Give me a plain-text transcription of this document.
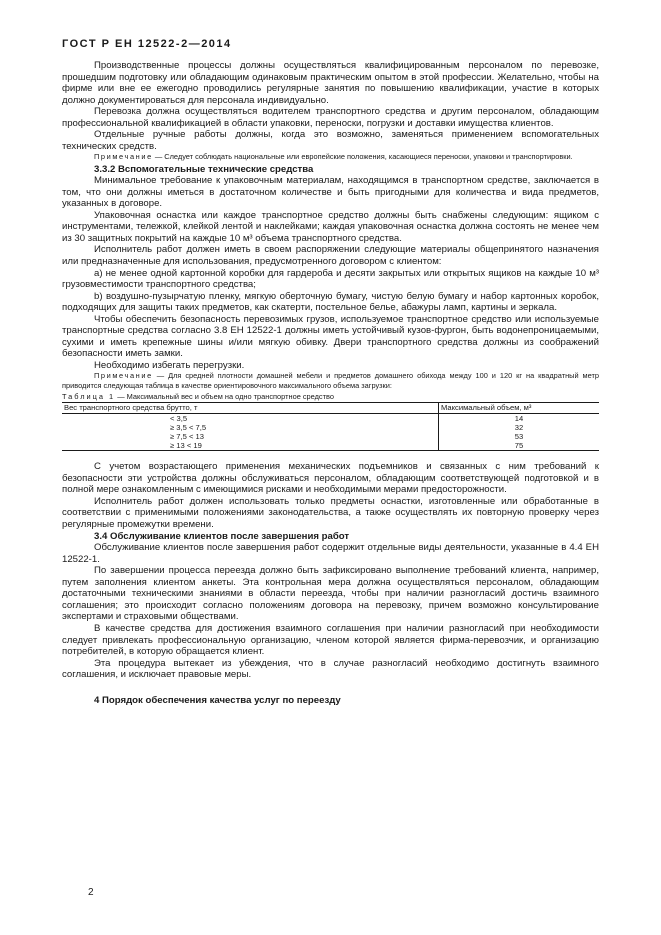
ГОСТ Р ЕН 12522-2—2014

Производственные процессы должны осуществляться квалифицированным персоналом по перевозке, прошедшим подготовку или обладающим одинаковым практическим опытом в этой профессии. Желательно, чтобы на фирме или вне ее ежегодно проводились регулярные занятия по повышению квалификации, участие в которых должно документироваться для персонала индивидуально.

Перевозка должна осуществляться водителем транспортного средства и другим персоналом, обладающим профессиональной квалификацией в области упаковки, переноски, погрузки и доставки имущества клиентов.

Отдельные ручные работы должны, когда это возможно, заменяться применением вспомогательных технических средств.

Примечание — Следует соблюдать национальные или европейские положения, касающиеся переноски, упаковки и транспортировки.

3.3.2 Вспомогательные технические средства

Минимальное требование к упаковочным материалам, находящимся в транспортном средстве, заключается в том, что они должны иметься в достаточном количестве и быть пригодными для количества и вида предметов, указанных в договоре.

Упаковочная оснастка или каждое транспортное средство должны быть снабжены следующим: ящиком с инструментами, тележкой, клейкой лентой и наклейками; каждая упаковочная оснастка должна состоять не менее чем из 30 защитных покрытий на каждые 10 м³ объема транспортного средства.

Исполнитель работ должен иметь в своем распоряжении следующие материалы общепринятого назначения или предназначенные для использования, предусмотренного договором с клиентом:

а) не менее одной картонной коробки для гардероба и десяти закрытых или открытых ящиков на каждые 10 м³ грузовместимости транспортного средства;

b) воздушно-пузырчатую пленку, мягкую оберточную бумагу, чистую белую бумагу и набор картонных коробок, подходящих для защиты таких предметов, как скатерти, постельное белье, абажуры ламп, картины и зеркала.

Чтобы обеспечить безопасность перевозимых грузов, используемое транспортное средство или используемые транспортные средства согласно 3.8 ЕН 12522-1 должны иметь устойчивый кузов-фургон, быть водонепроницаемыми, сухими и иметь крепежные шины и/или мягкую обивку. Двери транспортного средства должны из соображений безопасности иметь замки.

Необходимо избегать перегрузки.

Примечание — Для средней плотности домашней мебели и предметов домашнего обихода между 100 и 120 кг на квадратный метр приводится следующая таблица в качестве ориентировочного максимального объема загрузки:

Таблица 1 — Максимальный вес и объем на одно транспортное средство

Вес транспортного средства брутто, т	Максимальный объем, м³
< 3,5	14
≥ 3,5 < 7,5	32
≥ 7,5 < 13	53
≥ 13 < 19	75

С учетом возрастающего применения механических подъемников и связанных с ним требований к безопасности эти устройства должны обслуживаться персоналом, обладающим соответствующей подготовкой и в полной мере ознакомленным с имеющимися рисками и необходимыми мерами предосторожности.

Исполнитель работ должен использовать только предметы оснастки, изготовленные или обработанные в соответствии с применимыми положениями законодательства, а также осуществлять их повторную проверку через регулярные промежутки времени.

3.4 Обслуживание клиентов после завершения работ

Обслуживание клиентов после завершения работ содержит отдельные виды деятельности, указанные в 4.4 ЕН 12522-1.

По завершении процесса переезда должно быть зафиксировано выполнение требований клиента, например, путем заполнения клиентом анкеты. Эта контрольная мера должна осуществляться персоналом, обладающим достаточными техническими знаниями в области переезда, чтобы при наличии разногласий достичь взаимного соглашения; это происходит согласно положениям договора на перевозку, причем возможно консультирование экспертами и страховыми обществами.

В качестве средства для достижения взаимного соглашения при наличии разногласий при необходимости следует привлекать профессиональную организацию, членом которой является фирма-перевозчик, и организацию потребителей, в которую обращается клиент.

Эта процедура вытекает из убеждения, что в случае разногласий необходимо достигнуть взаимного соглашения, и исключает правовые меры.

4 Порядок обеспечения качества услуг по переезду

2
